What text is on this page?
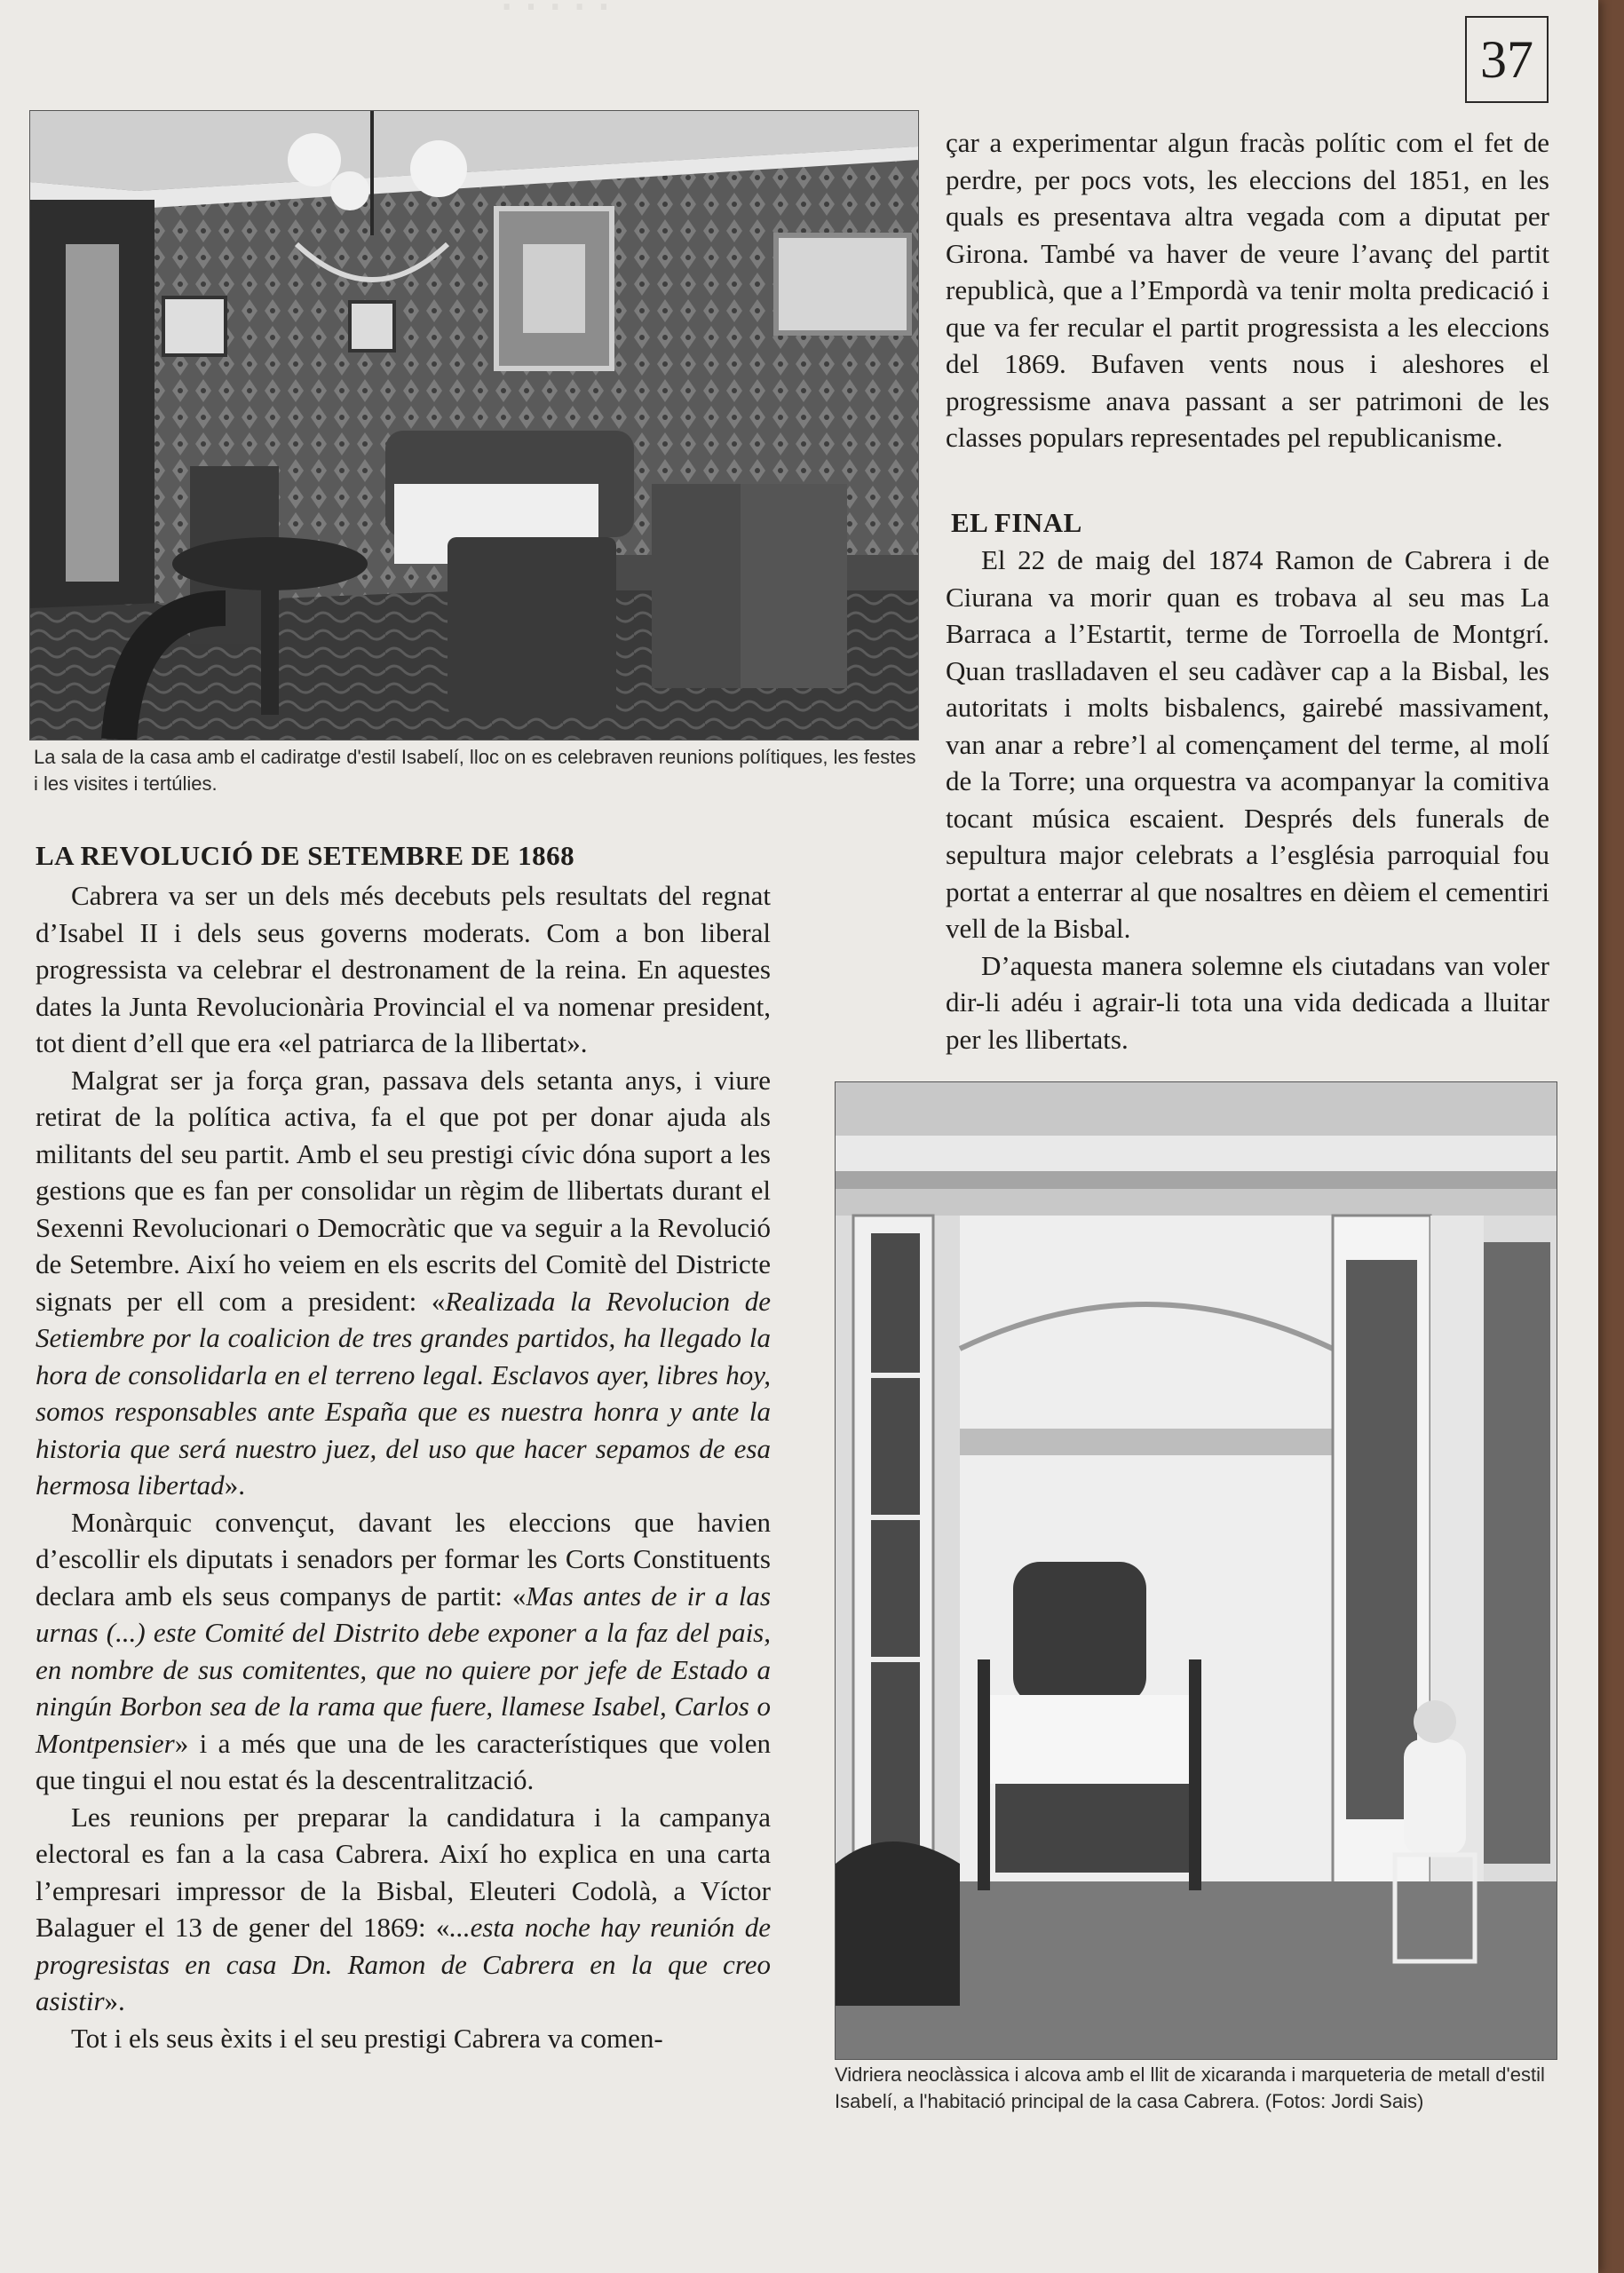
·····
37
La sala de la casa amb el cadiratge d'estil Isabelí, lloc on es celebraven reunions polítiques, les festes i les visites i tertúlies.

çar a experimentar algun fracàs polític com el fet de perdre, per pocs vots, les eleccions del 1851, en les quals es presentava altra vegada com a diputat per Girona. També va haver de veure l’avanç del partit republicà, que a l’Empordà va tenir molta predicació i que va fer recular el partit progressista a les eleccions del 1869. Bufaven vents nous i aleshores el progressisme anava passant a ser patrimoni de les classes populars representades pel republicanisme.

EL FINAL

El 22 de maig del 1874 Ramon de Cabrera i de Ciurana va morir quan es trobava al seu mas La Barraca a l’Estartit, terme de Torroella de Montgrí. Quan traslladaven el seu cadàver cap a la Bisbal, les autoritats i molts bisbalencs, gairebé massivament, van anar a rebre’l al començament del terme, al molí de la Torre; una orquestra va acompanyar la comitiva tocant música escaient. Després dels funerals de sepultura major celebrats a l’església parroquial fou portat a enterrar al que nosaltres en dèiem el cementiri vell de la Bisbal.

D’aquesta manera solemne els ciutadans van voler dir-li adéu i agrair-li tota una vida dedicada a lluitar per les llibertats.

LA REVOLUCIÓ DE SETEMBRE DE 1868

Cabrera va ser un dels més decebuts pels resultats del regnat d’Isabel II i dels seus governs moderats. Com a bon liberal progressista va celebrar el destronament de la reina. En aquestes dates la Junta Revolucionària Provincial el va nomenar president, tot dient d’ell que era «el patriarca de la llibertat».

Malgrat ser ja força gran, passava dels setanta anys, i viure retirat de la política activa, fa el que pot per donar ajuda als militants del seu partit. Amb el seu prestigi cívic dóna suport a les gestions que es fan per consolidar un règim de llibertats durant el Sexenni Revolucionari o Democràtic que va seguir a la Revolució de Setembre. Així ho veiem en els escrits del Comitè del Districte signats per ell com a president: «Realizada la Revolucion de Setiembre por la coalicion de tres grandes partidos, ha llegado la hora de consolidarla en el terreno legal. Esclavos ayer, libres hoy, somos responsables ante España que es nuestra honra y ante la historia que será nuestro juez, del uso que hacer sepamos de esa hermosa libertad».

Monàrquic convençut, davant les eleccions que havien d’escollir els diputats i senadors per formar les Corts Constituents declara amb els seus companys de partit: «Mas antes de ir a las urnas (...) este Comité del Distrito debe exponer a la faz del pais, en nombre de sus comitentes, que no quiere por jefe de Estado a ningún Borbon sea de la rama que fuere, llamese Isabel, Carlos o Montpensier» i a més que una de les característiques que volen que tingui el nou estat és la descentralització.

Les reunions per preparar la candidatura i la campanya electoral es fan a la casa Cabrera. Així ho explica en una carta l’empresari impressor de la Bisbal, Eleuteri Codolà, a Víctor Balaguer el 13 de gener del 1869: «...esta noche hay reunión de progresistas en casa Dn. Ramon de Cabrera en la que creo asistir».

Tot i els seus èxits i el seu prestigi Cabrera va comen-

Vidriera neoclàssica i alcova amb el llit de xicaranda i marqueteria de metall d'estil Isabelí, a l'habitació principal de la casa Cabrera. (Fotos: Jordi Sais)
